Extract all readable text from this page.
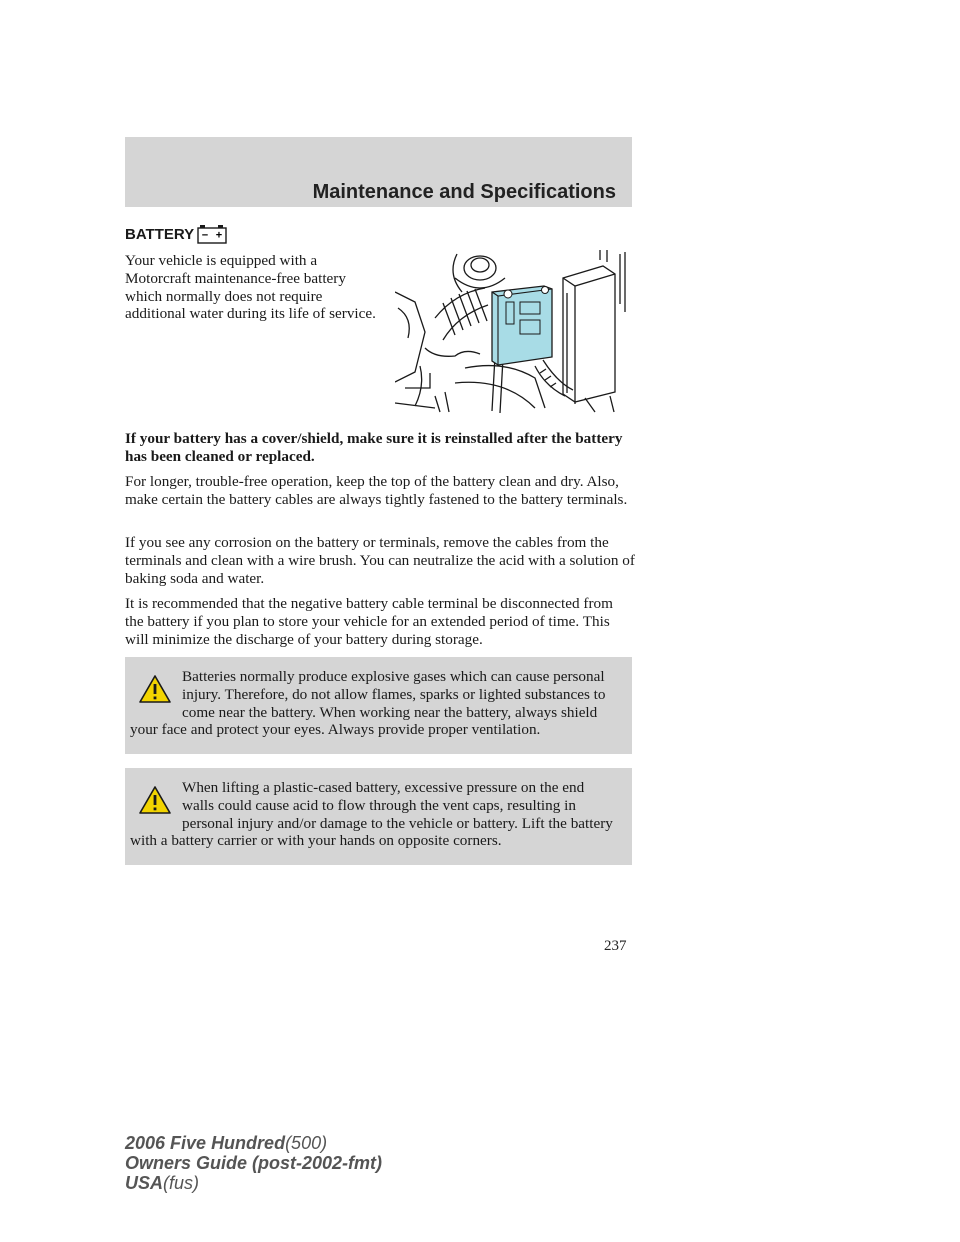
Maintenance and Specifications
BATTERY − +
Your vehicle is equipped with a Motorcraft maintenance-free battery which normally does not require additional water during its life of service.
If your battery has a cover/shield, make sure it is reinstalled after the battery has been cleaned or replaced.
For longer, trouble-free operation, keep the top of the battery clean and dry. Also, make certain the battery cables are always tightly fastened to the battery terminals.
If you see any corrosion on the battery or terminals, remove the cables from the terminals and clean with a wire brush. You can neutralize the acid with a solution of baking soda and water.
It is recommended that the negative battery cable terminal be disconnected from the battery if you plan to store your vehicle for an extended period of time. This will minimize the discharge of your battery during storage.
Batteries normally produce explosive gases which can cause personal injury. Therefore, do not allow flames, sparks or lighted substances to come near the battery. When working near the battery, always shield your face and protect your eyes. Always provide proper ventilation.
When lifting a plastic-cased battery, excessive pressure on the end walls could cause acid to flow through the vent caps, resulting in personal injury and/or damage to the vehicle or battery. Lift the battery with a battery carrier or with your hands on opposite corners.
237
2006 Five Hundred(500)
Owners Guide (post-2002-fmt)
USA(fus)
